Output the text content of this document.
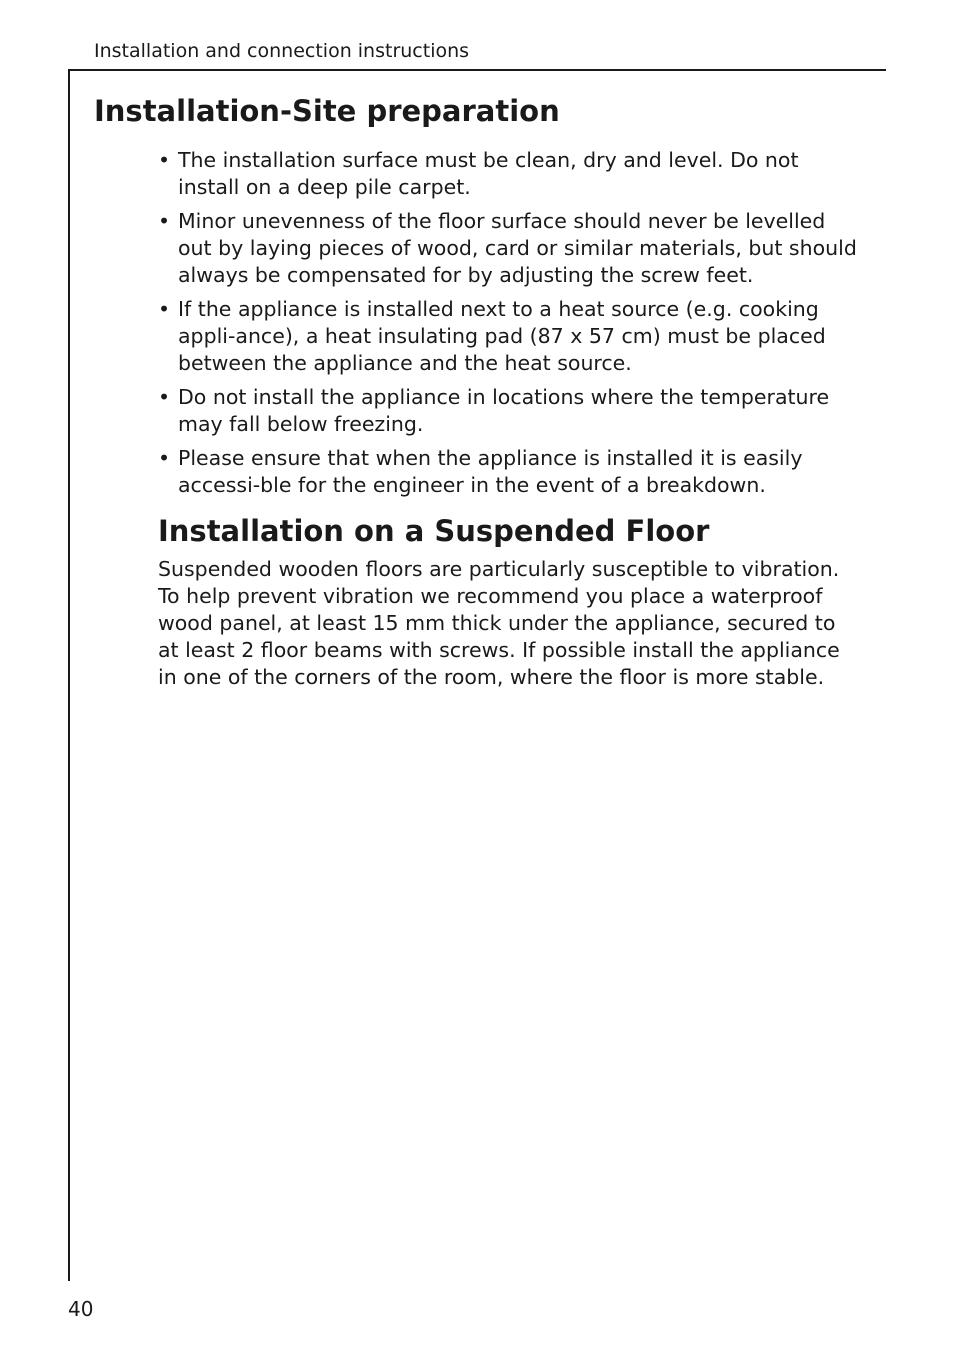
Installation and connection instructions
Installation-Site preparation
• The installation surface must be clean, dry and level. Do not install on a deep pile carpet.
• Minor unevenness of the floor surface should never be levelled out by laying pieces of wood, card or similar materials, but should always be compensated for by adjusting the screw feet.
• If the appliance is installed next to a heat source (e.g. cooking appli-ance), a heat insulating pad (87 x 57 cm) must be placed between the appliance and the heat source.
• Do not install the appliance in locations where the temperature may fall below freezing.
• Please ensure that when the appliance is installed it is easily accessi-ble for the engineer in the event of a breakdown.
Installation on a Suspended Floor

Suspended wooden floors are particularly susceptible to vibration. To help prevent vibration we recommend you place a waterproof wood panel, at least 15 mm thick under the appliance, secured to at least 2 floor beams with screws. If possible install the appliance in one of the corners of the room, where the floor is more stable.

40
